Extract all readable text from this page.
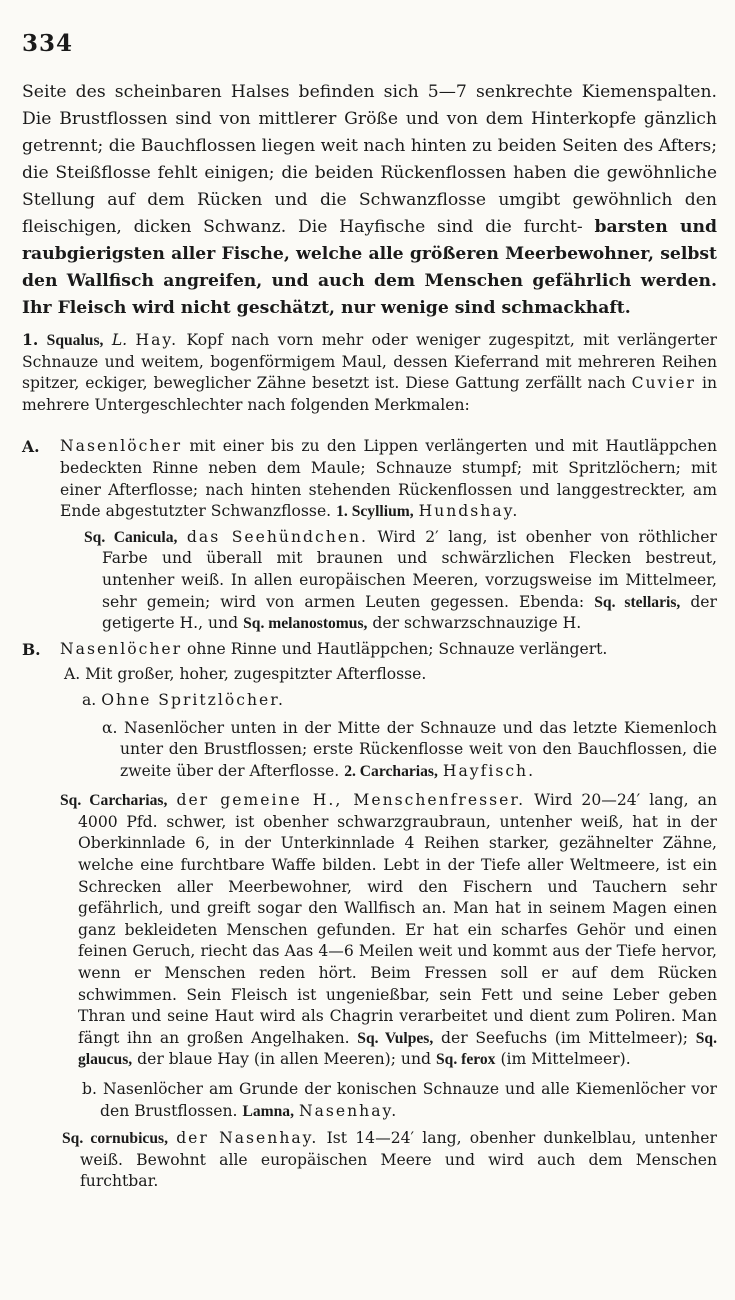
334

Seite des scheinbaren Halses befinden sich 5—7 senkrechte Kiemenspalten. Die Brustflossen sind von mittlerer Größe und von dem Hinterkopfe gänzlich getrennt; die Bauchflossen liegen weit nach hinten zu beiden Seiten des Afters; die Steißflosse fehlt einigen; die beiden Rückenflossen haben die gewöhnliche Stellung auf dem Rücken und die Schwanzflosse umgibt gewöhnlich den fleischigen, dicken Schwanz. Die Hayfische sind die furcht- barsten und raubgierigsten aller Fische, welche alle größeren Meerbewohner, selbst den Wallfisch angreifen, und auch dem Menschen gefährlich werden. Ihr Fleisch wird nicht geschätzt, nur wenige sind schmackhaft.

1. Squalus, L. Hay. Kopf nach vorn mehr oder weniger zugespitzt, mit verlängerter Schnauze und weitem, bogenförmigem Maul, dessen Kieferrand mit mehreren Reihen spitzer, eckiger, beweglicher Zähne besetzt ist. Diese Gattung zerfällt nach Cuvier in mehrere Untergeschlechter nach folgenden Merkmalen:

A.	Nasenlöcher mit einer bis zu den Lippen verlängerten und mit Hautläppchen bedeckten Rinne neben dem Maule; Schnauze stumpf; mit Spritzlöchern; mit einer Afterflosse; nach hinten stehenden Rückenflossen und langgestreckter, am Ende abgestutzter Schwanzflosse. 1. Scyllium, Hundshay.

Sq. Canicula, das Seehündchen. Wird 2′ lang, ist obenher von röthlicher Farbe und überall mit braunen und schwärzlichen Flecken bestreut, untenher weiß. In allen europäischen Meeren, vorzugsweise im Mittelmeer, sehr gemein; wird von armen Leuten gegessen. Ebenda: Sq. stellaris, der getigerte H., und Sq. melanostomus, der schwarzschnauzige H.

B.	Nasenlöcher ohne Rinne und Hautläppchen; Schnauze verlängert.

A. Mit großer, hoher, zugespitzter Afterflosse.

a. Ohne Spritzlöcher.

α. Nasenlöcher unten in der Mitte der Schnauze und das letzte Kiemenloch unter den Brustflossen; erste Rückenflosse weit von den Bauchflossen, die zweite über der Afterflosse. 2. Carcharias, Hayfisch.

Sq. Carcharias, der gemeine H., Menschenfresser. Wird 20—24′ lang, an 4000 Pfd. schwer, ist obenher schwarzgraubraun, untenher weiß, hat in der Oberkinnlade 6, in der Unterkinnlade 4 Reihen starker, gezähnelter Zähne, welche eine furchtbare Waffe bilden. Lebt in der Tiefe aller Weltmeere, ist ein Schrecken aller Meerbewohner, wird den Fischern und Tauchern sehr gefährlich, und greift sogar den Wallfisch an. Man hat in seinem Magen einen ganz bekleideten Menschen gefunden. Er hat ein scharfes Gehör und einen feinen Geruch, riecht das Aas 4—6 Meilen weit und kommt aus der Tiefe hervor, wenn er Menschen reden hört. Beim Fressen soll er auf dem Rücken schwimmen. Sein Fleisch ist ungenießbar, sein Fett und seine Leber geben Thran und seine Haut wird als Chagrin verarbeitet und dient zum Poliren. Man fängt ihn an großen Angelhaken. Sq. Vulpes, der Seefuchs (im Mittelmeer); Sq. glaucus, der blaue Hay (in allen Meeren); und Sq. ferox (im Mittelmeer).

b. Nasenlöcher am Grunde der konischen Schnauze und alle Kiemenlöcher vor den Brustflossen. Lamna, Nasenhay.

Sq. cornubicus, der Nasenhay. Ist 14—24′ lang, obenher dunkelblau, untenher weiß. Bewohnt alle europäischen Meere und wird auch dem Menschen furchtbar.
